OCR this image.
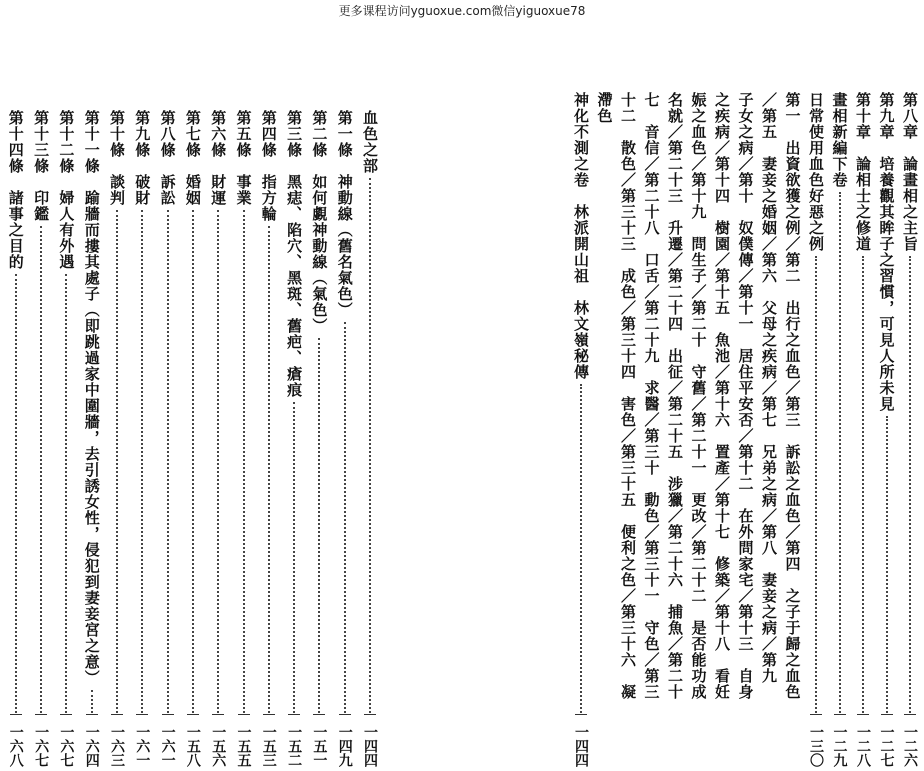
更多课程访问yguoxue.com微信yiguoxue78
血色之部
一四四
第一條　神動線（舊名氣色）
一四九
第二條　如何覷神動線（氣色）
一五一
第三條　黑痣、陷穴、黑斑、舊疤、瘡痕
一五二
第四條　指方輪
一五三
第五條　事業
一五五
第六條　財運
一五六
第七條　婚姻
一五八
第八條　訴訟
一六一
第九條　破財
一六一
第十條　談判
一六三
第十一條　踰牆而摟其處子（即跳過家中圍牆，去引誘女性，侵犯到妻妾宮之意）
一六四
第十二條　婦人有外遇
一六七
第十三條　印鑑
一六七
第十四條　諸事之目的
一六八
第八章　論畫相之主旨
一二六
第九章　培養觀其眸子之習慣，可見人所未見
一二七
第十章　論相士之修道
一二八
畫相新編下卷
一二九
日常使用血色好惡之例
一三〇
第一　出資欲獲之例／第二　出行之血色／第三　訴訟之血色／第四　之子于歸之血色
／第五　妻妾之婚姻／第六　父母之疾病／第七　兄弟之病／第八　妻妾之病／第九
子女之病／第十　奴僕傳／第十一　居住平安否／第十二　在外問家宅／第十三　自身
之疾病／第十四　樹園／第十五　魚池／第十六　置產／第十七　修築／第十八　看妊
娠之血色／第十九　問生子／第二十　守舊／第二十一　更改／第二十二　是否能功成
名就／第二十三　升遷／第二十四　出征／第二十五　涉獵／第二十六　捕魚／第二十
七　音信／第二十八　口舌／第二十九　求醫／第三十　動色／第三十一　守色／第三
十二　散色／第三十三　成色／第三十四　害色／第三十五　便利之色／第三十六　凝
滯色
神化不測之卷　林派開山祖　林文嶺秘傳
一四四
